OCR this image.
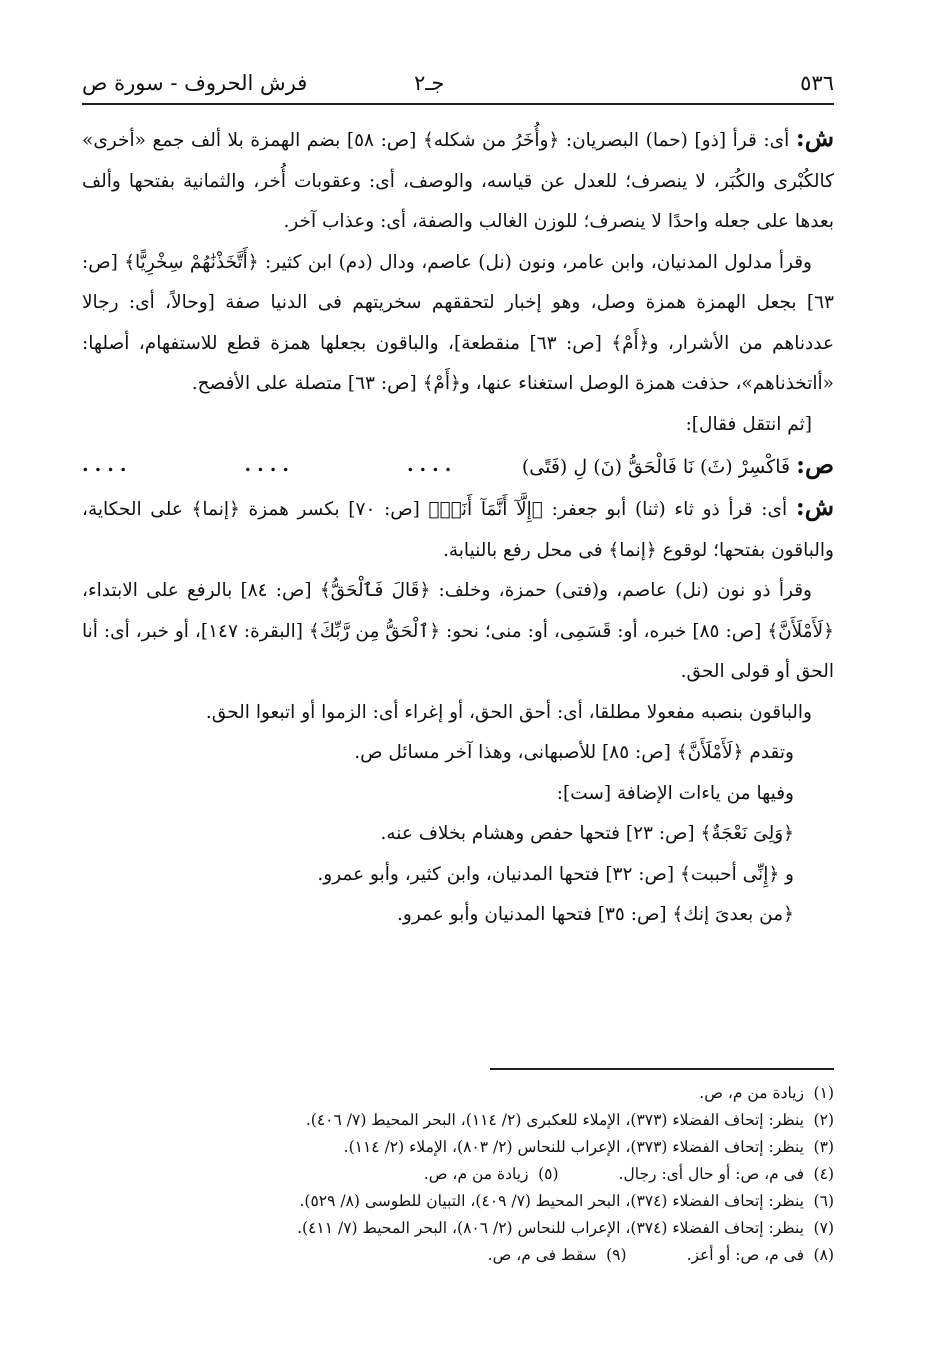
٥٣٦
جـ٢
فرش الحروف - سورة ص

ش: أى: قرأ [ذو] (حما) البصريان: ﴿وأُخَرُ من شكله﴾ [ص: ٥٨] بضم الهمزة بلا ألف جمع «أخرى» كالكُبْرى والكُبَر، لا ينصرف؛ للعدل عن قياسه، والوصف، أى: وعقوبات أُخر، والثمانية بفتحها وألف بعدها على جعله واحدًا لا ينصرف؛ للوزن الغالب والصفة، أى: وعذاب آخر.

وقرأ مدلول المدنيان، وابن عامر، ونون (نل) عاصم، ودال (دم) ابن كثير: ﴿أَتَّخَذْنَٰهُمْ سِخْرِيًّا﴾ [ص: ٦٣] بجعل الهمزة همزة وصل، وهو إخبار لتحققهم سخريتهم فى الدنيا صفة [وحالاً، أى: رجالا عددناهم من الأشرار، و﴿أَمْ﴾ [ص: ٦٣] منقطعة]، والباقون بجعلها همزة قطع للاستفهام، أصلها: «أاتخذناهم»، حذفت همزة الوصل استغناء عنها، و﴿أَمْ﴾ [ص: ٦٣] متصلة على الأفصح.

[ثم انتقل فقال]:

ص: فَاكْسِرْ (ثَ) نَا فَالْحَقُّ (نَ) لِ (فَتًى)
....	....	....

ش: أى: قرأ ذو ثاء (ثنا) أبو جعفر: ﴿إِلَّآ أَنَّمَآ أَنَا۠﴾ [ص: ٧٠] بكسر همزة ﴿إنما﴾ على الحكاية، والباقون بفتحها؛ لوقوع ﴿إنما﴾ فى محل رفع بالنيابة.

وقرأ ذو نون (نل) عاصم، و(فتى) حمزة، وخلف: ﴿قَالَ فَٱلْحَقُّ﴾ [ص: ٨٤] بالرفع على الابتداء، ﴿لَأَمْلَأَنَّ﴾ [ص: ٨٥] خبره، أو: قَسَمِى، أو: منى؛ نحو: ﴿ٱلْحَقُّ مِن رَّبِّكَ﴾ [البقرة: ١٤٧]، أو خبر، أى: أنا الحق أو قولى الحق.

والباقون بنصبه مفعولا مطلقا، أى: أحق الحق، أو إغراء أى: الزموا أو اتبعوا الحق.

وتقدم ﴿لَأَمْلَأَنَّ﴾ [ص: ٨٥] للأصبهانى، وهذا آخر مسائل ص.

وفيها من ياءات الإضافة [ست]:

﴿وَلِىَ نَعْجَةٌ﴾ [ص: ٢٣] فتحها حفص وهشام بخلاف عنه.

و ﴿إِنِّى أحببت﴾ [ص: ٣٢] فتحها المدنيان، وابن كثير، وأبو عمرو.

﴿من بعدىَ إنك﴾ [ص: ٣٥] فتحها المدنيان وأبو عمرو.

(١)زيادة من م، ص.
(٢)ينظر: إتحاف الفضلاء (٣٧٣)، الإملاء للعكبرى (٢/ ١١٤)، البحر المحيط (٧/ ٤٠٦).
(٣)ينظر: إتحاف الفضلاء (٣٧٣)، الإعراب للنحاس (٢/ ٨٠٣)، الإملاء (٢/ ١١٤).
(٤)فى م، ص: أو حال أى: رجال.(٥)زيادة من م، ص.
(٦)ينظر: إتحاف الفضلاء (٣٧٤)، البحر المحيط (٧/ ٤٠٩)، التبيان للطوسى (٨/ ٥٢٩).
(٧)ينظر: إتحاف الفضلاء (٣٧٤)، الإعراب للنحاس (٢/ ٨٠٦)، البحر المحيط (٧/ ٤١١).
(٨)فى م، ص: أو أعز.(٩)سقط فى م، ص.
